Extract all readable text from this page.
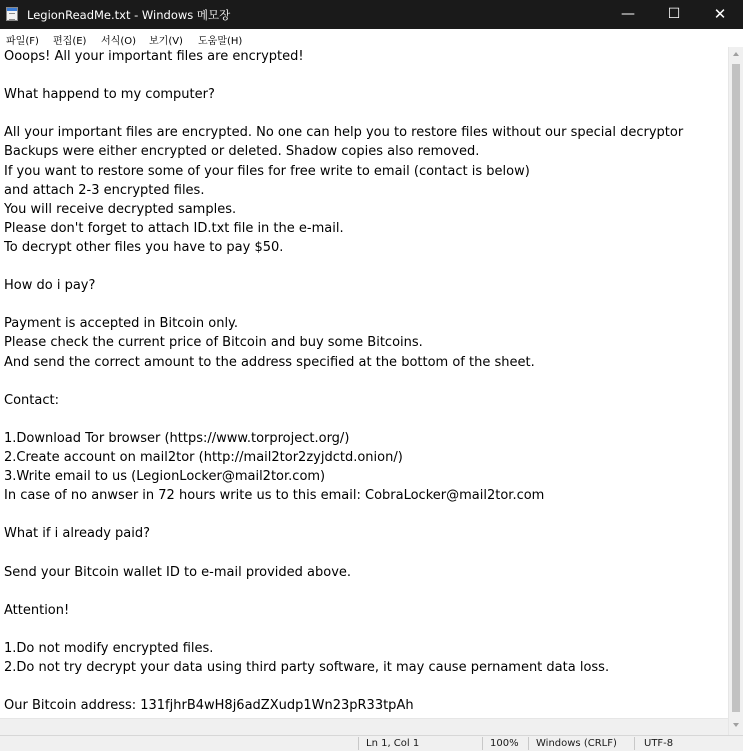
LegionReadMe.txt - Windows 메모장	—	☐	✕
파일(F) 편집(E) 서식(O) 보기(V) 도움말(H)
Ooops! All your important files are encrypted!

What happend to my computer?

All your important files are encrypted. No one can help you to restore files without our special decryptor
Backups were either encrypted or deleted. Shadow copies also removed.
If you want to restore some of your files for free write to email (contact is below)
and attach 2-3 encrypted files.
You will receive decrypted samples.
Please don't forget to attach ID.txt file in the e-mail.
To decrypt other files you have to pay $50.

How do i pay?

Payment is accepted in Bitcoin only.
Please check the current price of Bitcoin and buy some Bitcoins.
And send the correct amount to the address specified at the bottom of the sheet.

Contact:

1.Download Tor browser (https://www.torproject.org/)
2.Create account on mail2tor (http://mail2tor2zyjdctd.onion/)
3.Write email to us (LegionLocker@mail2tor.com)
In case of no anwser in 72 hours write us to this email: CobraLocker@mail2tor.com

What if i already paid?

Send your Bitcoin wallet ID to e-mail provided above.

Attention!

1.Do not modify encrypted files.
2.Do not try decrypt your data using third party software, it may cause pernament data loss.

Our Bitcoin address: 131fjhrB4wH8j6adZXudp1Wn23pR33tpAh
Ln 1, Col 1	100% Windows (CRLF)	UTF-8
